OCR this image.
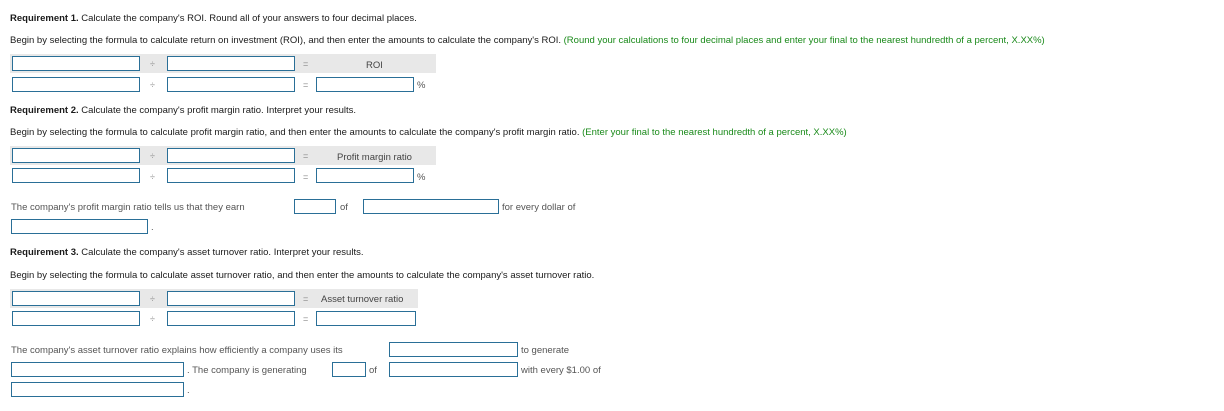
Requirement 1. Calculate the company's ROI. Round all of your answers to four decimal places.
Begin by selecting the formula to calculate return on investment (ROI), and then enter the amounts to calculate the company's ROI. (Round your calculations to four decimal places and enter your final to the nearest hundredth of a percent, X.XX%)
÷	=	ROI
÷	=	%
Requirement 2. Calculate the company's profit margin ratio. Interpret your results.
Begin by selecting the formula to calculate profit margin ratio, and then enter the amounts to calculate the company's profit margin ratio. (Enter your final to the nearest hundredth of a percent, X.XX%)
÷	=	Profit margin ratio
÷	=	%
The company's profit margin ratio tells us that they earn	of	for every dollar of
.
Requirement 3. Calculate the company's asset turnover ratio. Interpret your results.
Begin by selecting the formula to calculate asset turnover ratio, and then enter the amounts to calculate the company's asset turnover ratio.
÷	= Asset turnover ratio
÷	=
The company's asset turnover ratio explains how efficiently a company uses its	to generate
. The company is generating	of	with every $1.00 of
.
